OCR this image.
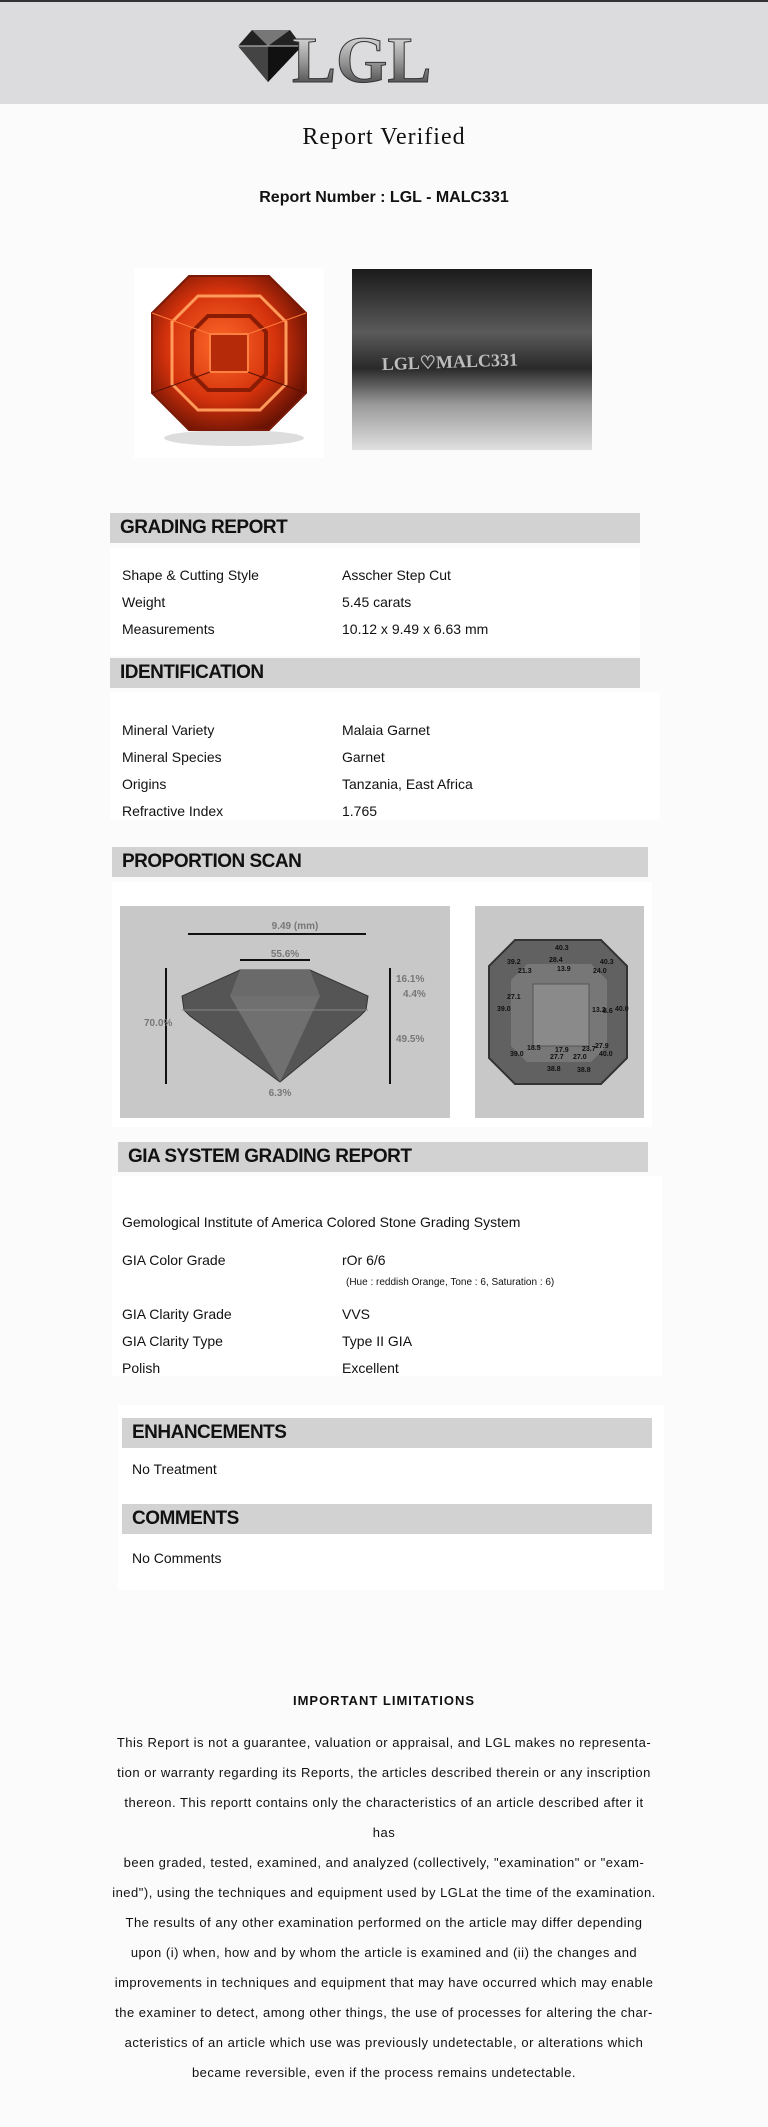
LGL
Report Verified
Report Number : LGL - MALC331
LGL♡MALC331
GRADING REPORT
Shape & Cutting Style	Asscher Step Cut
Weight	5.45 carats
Measurements	10.12 x 9.49 x 6.63 mm
IDENTIFICATION
Mineral Variety	Malaia Garnet
Mineral Species	Garnet
Origins	Tanzania, East Africa
Refractive Index	1.765
PROPORTION SCAN
9.49 (mm)
55.6%
70.0%
16.1%
4.4%
49.5%
6.3%
40.3
39.2	28.4	40.3
21.3	13.9	24.0
27.1
39.0	13.2
8.6 40.0
18.5 17.9 23.7 27.9
39.0	27.7 27.0 40.0
38.8 38.8
GIA SYSTEM GRADING REPORT
Gemological Institute of America Colored Stone Grading System
GIA Color Grade	rOr 6/6
(Hue : reddish Orange, Tone : 6, Saturation : 6)
GIA Clarity Grade	VVS
GIA Clarity Type	Type II GIA
Polish	Excellent
ENHANCEMENTS
No Treatment
COMMENTS
No Comments
IMPORTANT LIMITATIONS
This Report is not a guarantee, valuation or appraisal, and LGL makes no representa-
tion or warranty regarding its Reports, the articles described therein or any inscription
thereon. This reportt contains only the characteristics of an article described after it has
been graded, tested, examined, and analyzed (collectively, "examination" or "exam-
ined"), using the techniques and equipment used by LGLat the time of the examination.
The results of any other examination performed on the article may differ depending
upon (i) when, how and by whom the article is examined and (ii) the changes and
improvements in techniques and equipment that may have occurred which may enable
the examiner to detect, among other things, the use of processes for altering the char-
acteristics of an article which use was previously undetectable, or alterations which
became reversible, even if the process remains undetectable.
